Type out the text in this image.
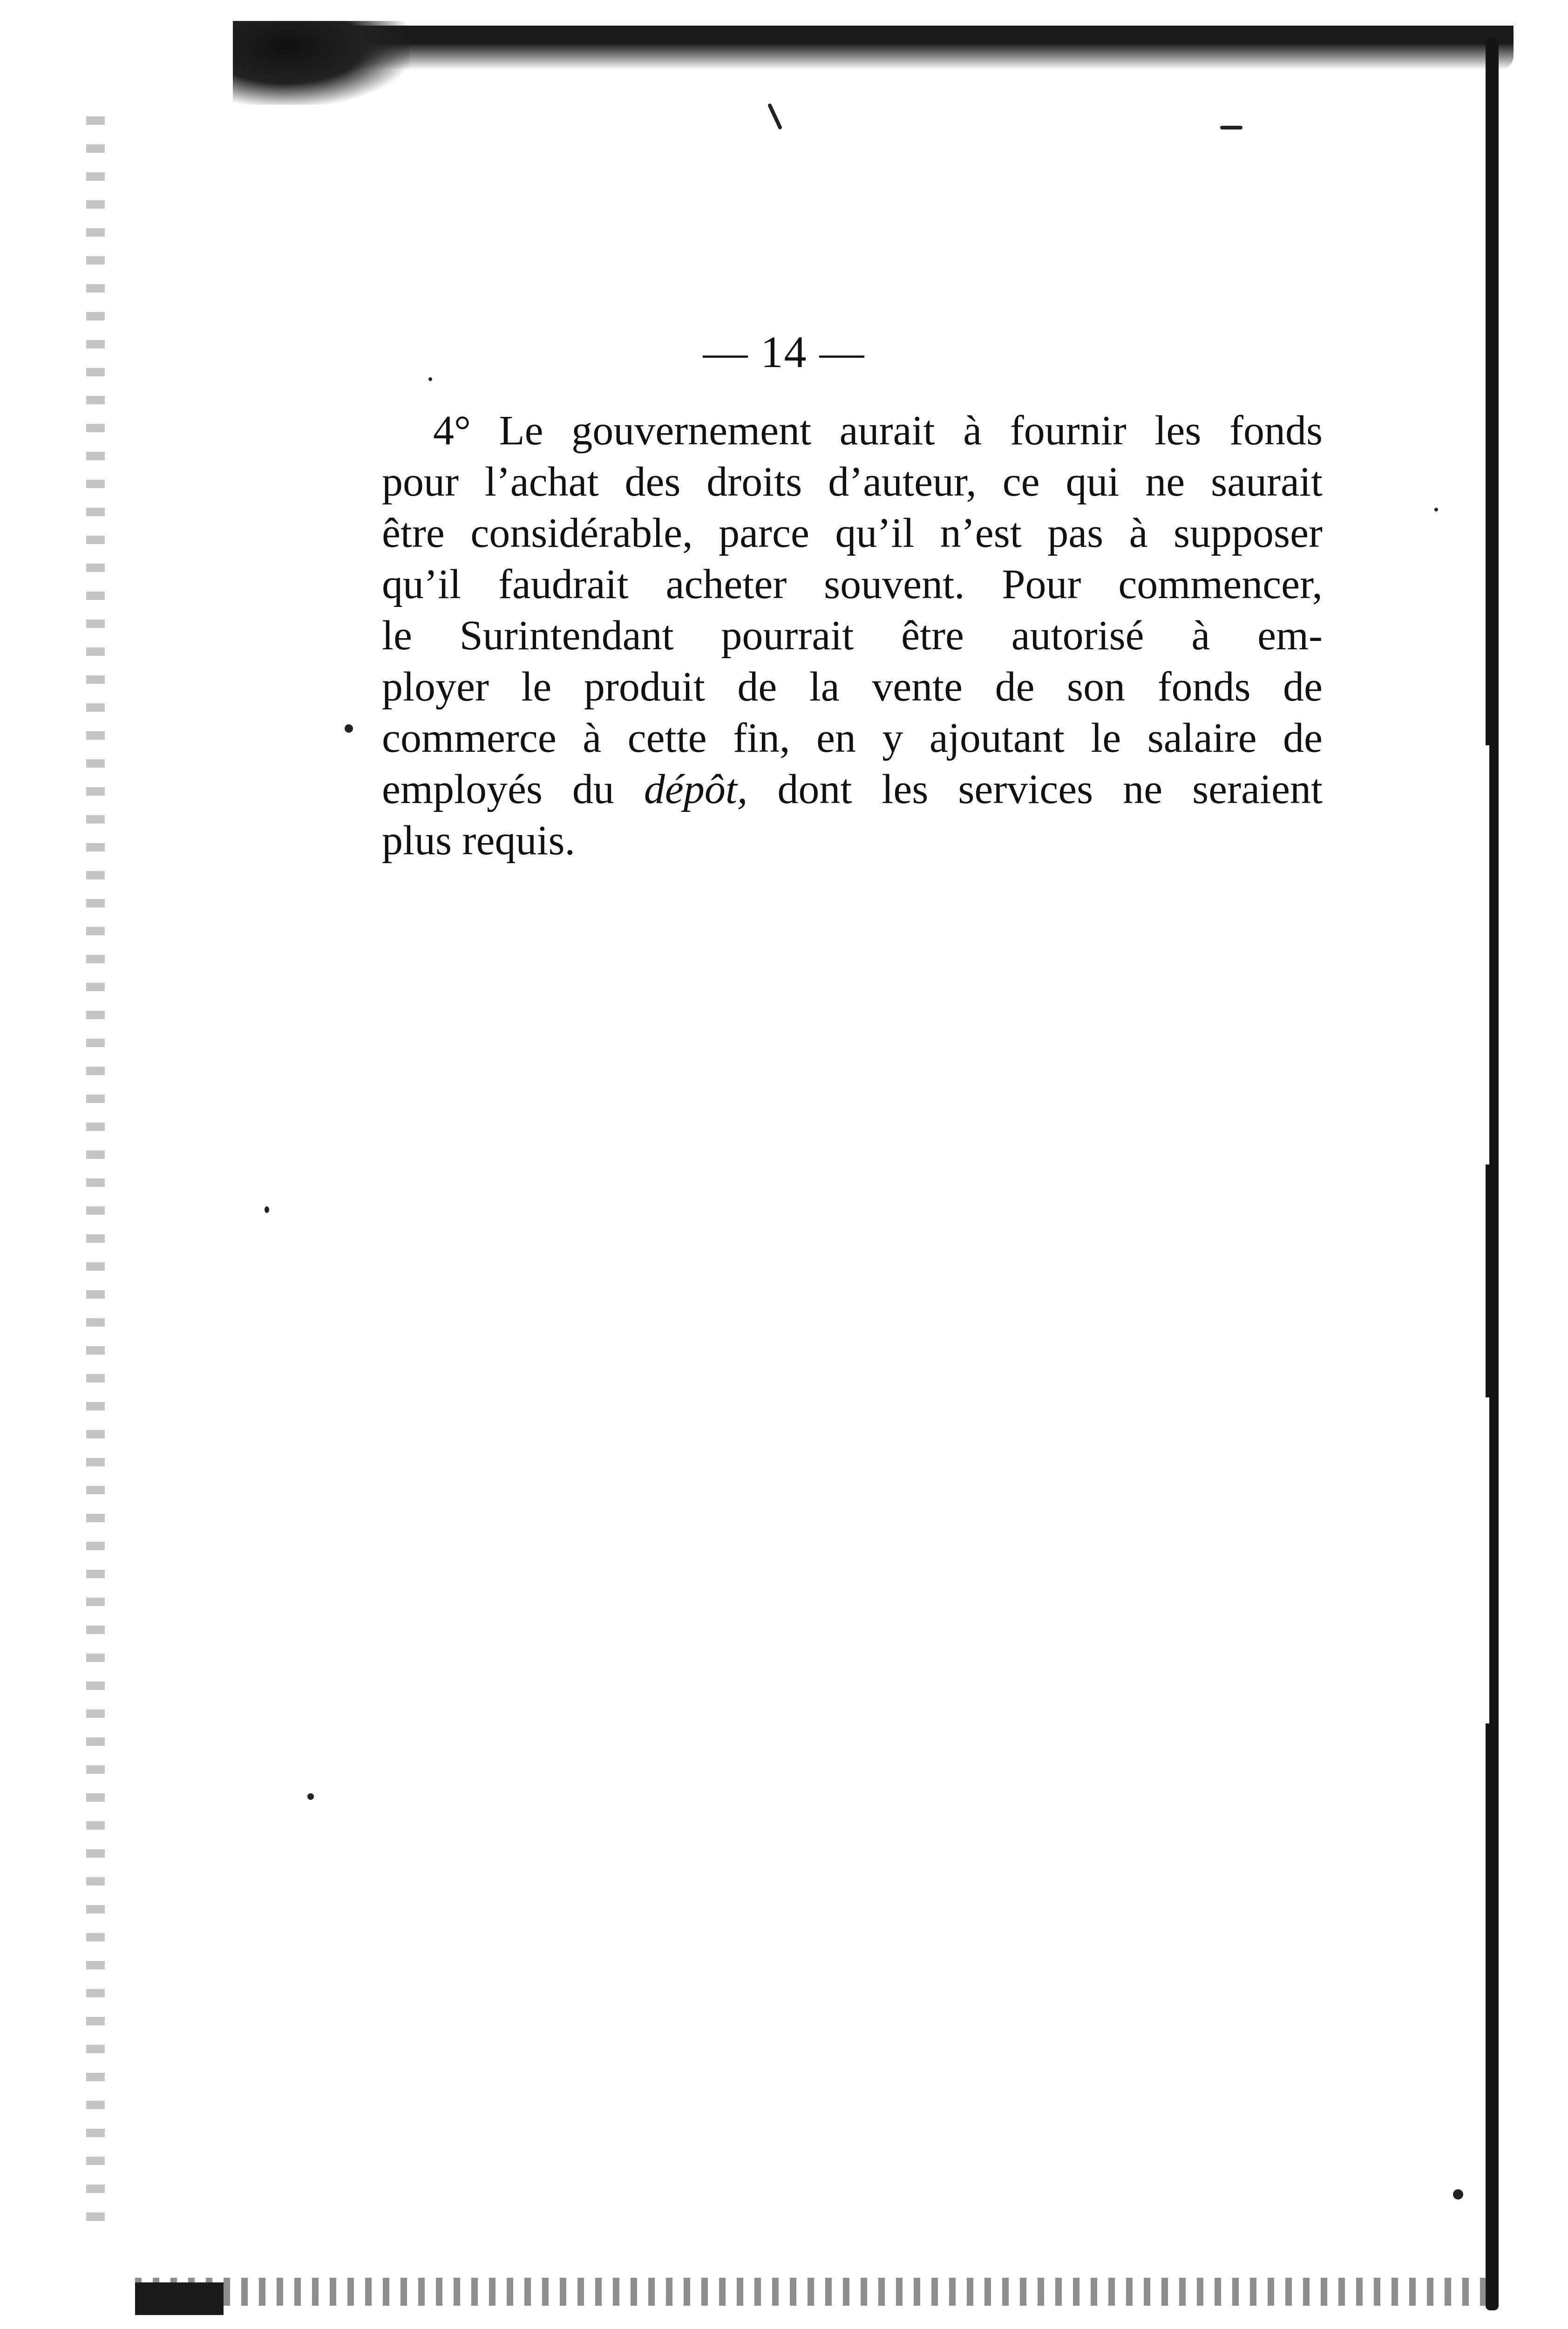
— 14 —
4° Le gouvernement aurait à fournir les fonds
pour l’achat des droits d’auteur, ce qui ne saurait
être considérable, parce qu’il n’est pas à supposer
qu’il faudrait acheter souvent. Pour commencer,
le Surintendant pourrait être autorisé à em-
ployer le produit de la vente de son fonds de
commerce à cette fin, en y ajoutant le salaire de
employés du dépôt, dont les services ne seraient
plus requis.
